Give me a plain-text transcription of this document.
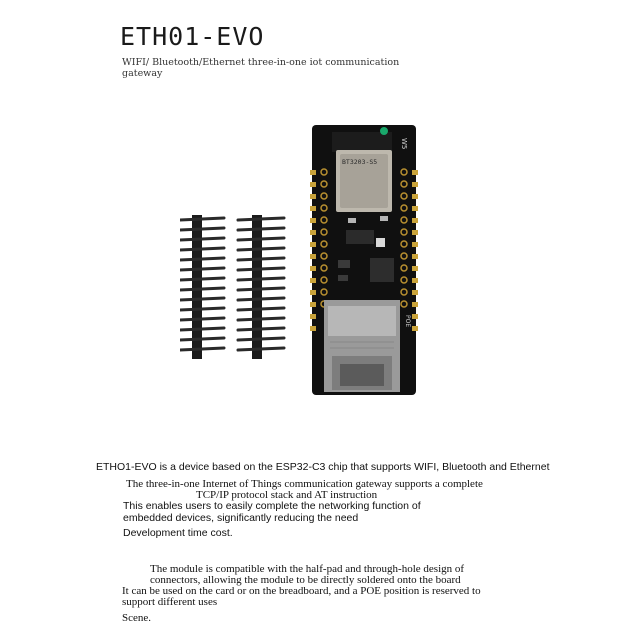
ETH01-EVO
WIFI/ Bluetooth/Ethernet three-in-one iot communication gateway
W5
BT3203-S5
POE
ETHO1-EVO is a device based on the ESP32-C3 chip that supports WIFI, Bluetooth and Ethernet
The three-in-one Internet of Things communication gateway supports a complete
TCP/IP protocol stack and AT instruction
This enables users to easily complete the networking function of
embedded devices, significantly reducing the need
Development time cost.
The module is compatible with the half-pad and through-hole design of
connectors, allowing the module to be directly soldered onto the board
It can be used on the card or on the breadboard, and a POE position is reserved to
support different uses
Scene.
